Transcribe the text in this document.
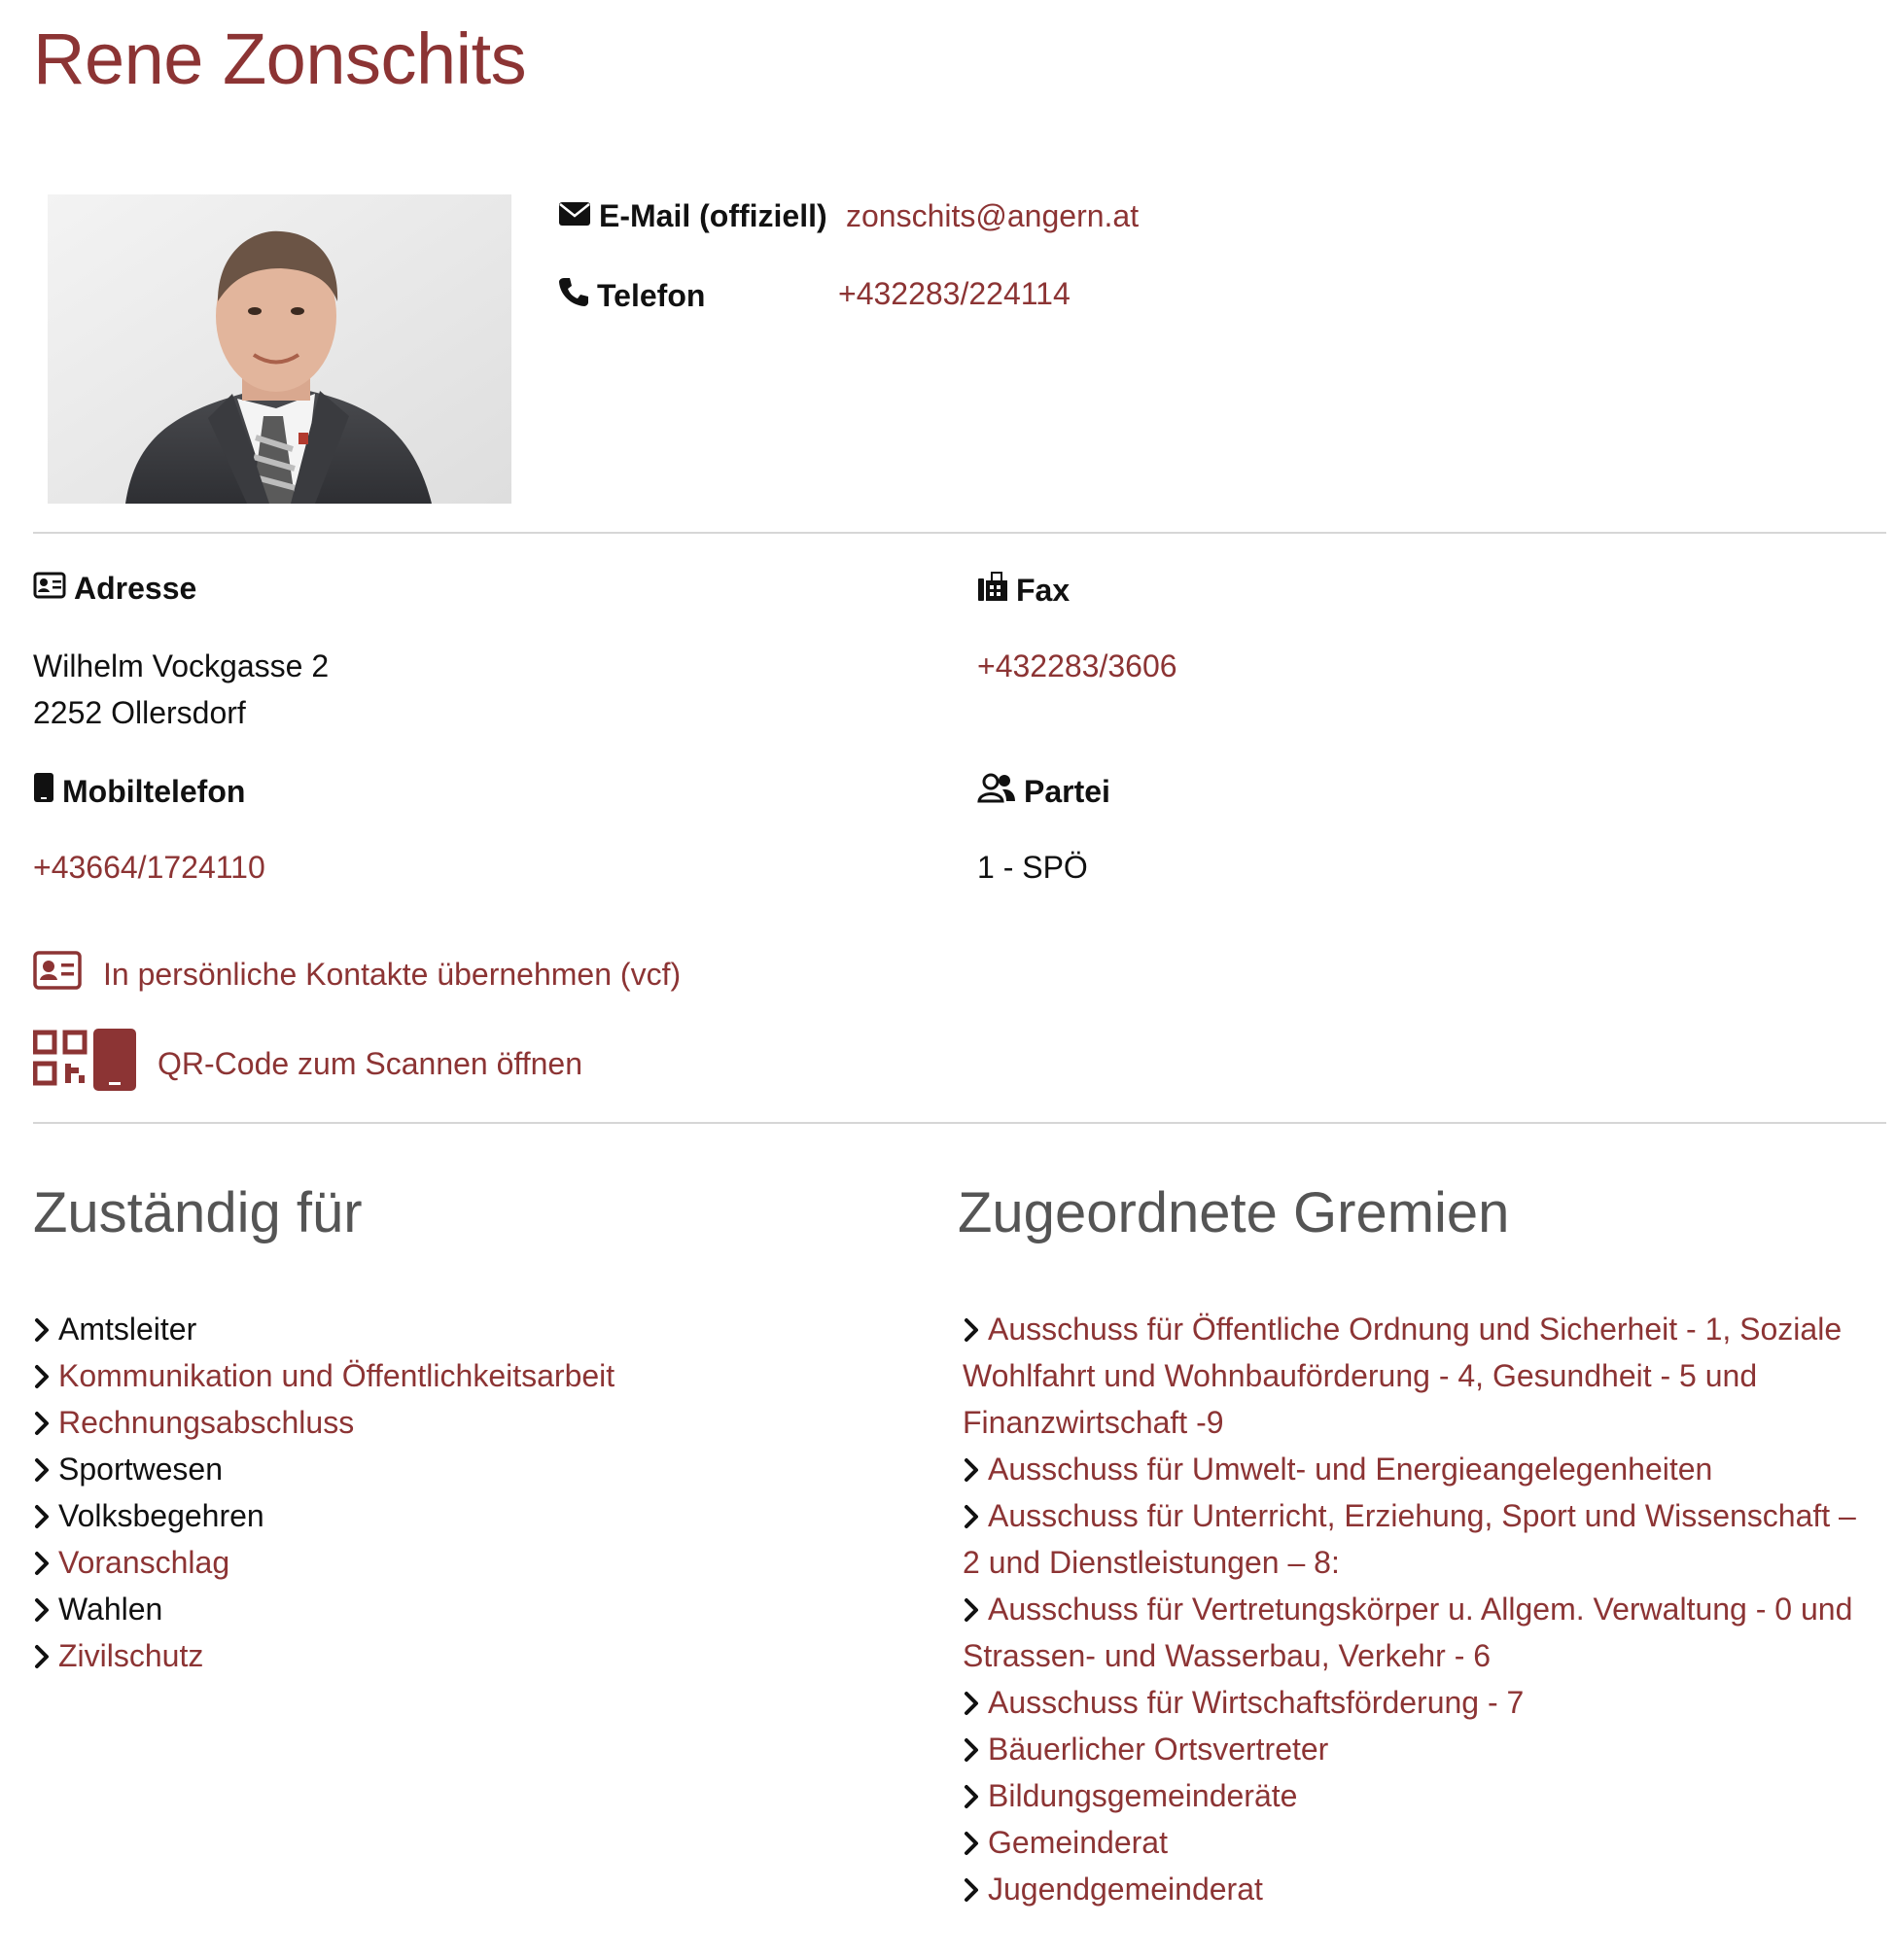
Rene Zonschits
E-Mail (offiziell) zonschits@angern.at
Telefon	+432283/224114
Adresse
Wilhelm Vockgasse 2
2252 Ollersdorf
Fax
+432283/3606
Mobiltelefon
+43664/1724110
Partei
1 - SPÖ
In persönliche Kontakte übernehmen (vcf)
QR-Code zum Scannen öffnen
Zuständig für
Amtsleiter
Kommunikation und Öffentlichkeitsarbeit
Rechnungsabschluss
Sportwesen
Volksbegehren
Voranschlag
Wahlen
Zivilschutz
Zugeordnete Gremien
Ausschuss für Öffentliche Ordnung und Sicherheit - 1, Soziale Wohlfahrt und Wohnbauförderung - 4, Gesundheit - 5 und Finanzwirtschaft -9
Ausschuss für Umwelt- und Energieangelegenheiten
Ausschuss für Unterricht, Erziehung, Sport und Wissenschaft – 2 und Dienstleistungen – 8:
Ausschuss für Vertretungskörper u. Allgem. Verwaltung - 0 und Strassen- und Wasserbau, Verkehr - 6
Ausschuss für Wirtschaftsförderung - 7
Bäuerlicher Ortsvertreter
Bildungsgemeinderäte
Gemeinderat
Jugendgemeinderat
